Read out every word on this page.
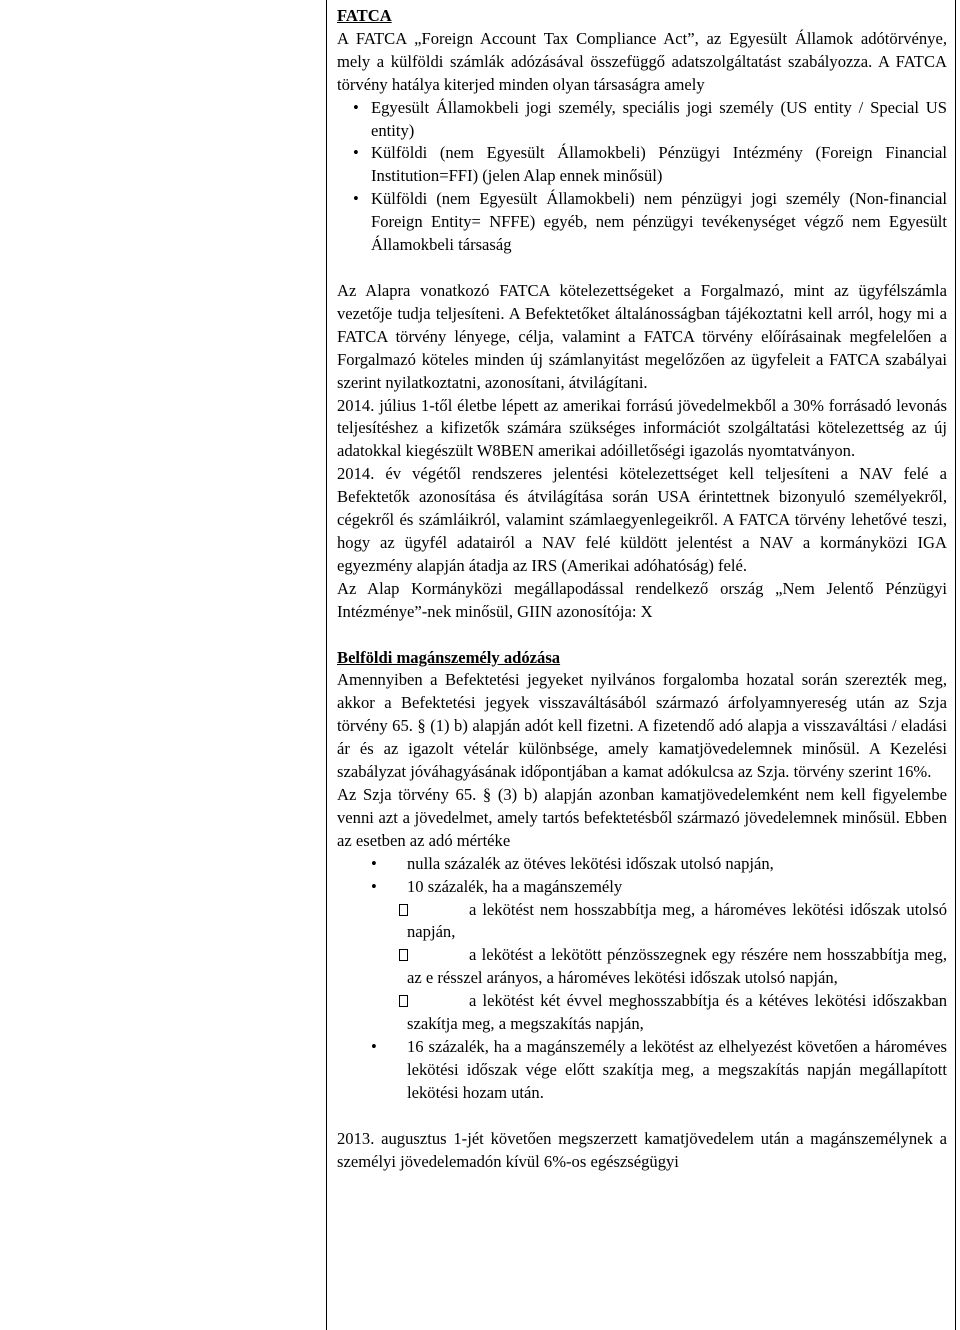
FATCA

A FATCA „Foreign Account Tax Compliance Act”, az Egyesült Államok adótörvénye, mely a külföldi számlák adózásával összefüggő adatszolgáltatást szabályozza. A FATCA törvény hatálya kiterjed minden olyan társaságra amely

• Egyesült Államokbeli jogi személy, speciális jogi személy (US entity / Special US entity)
• Külföldi (nem Egyesült Államokbeli) Pénzügyi Intézmény (Foreign Financial Institution=FFI) (jelen Alap ennek minősül)
• Külföldi (nem Egyesült Államokbeli) nem pénzügyi jogi személy (Non-financial Foreign Entity= NFFE) egyéb, nem pénzügyi tevékenységet végző nem Egyesült Államokbeli társaság

Az Alapra vonatkozó FATCA kötelezettségeket a Forgalmazó, mint az ügyfélszámla vezetője tudja teljesíteni. A Befektetőket általánosságban tájékoztatni kell arról, hogy mi a FATCA törvény lényege, célja, valamint a FATCA törvény előírásainak megfelelően a Forgalmazó köteles minden új számlanyitást megelőzően az ügyfeleit a FATCA szabályai szerint nyilatkoztatni, azonosítani, átvilágítani.

2014. július 1-től életbe lépett az amerikai forrású jövedelmekből a 30% forrásadó levonás teljesítéshez a kifizetők számára szükséges információt szolgáltatási kötelezettség az új adatokkal kiegészült W8BEN amerikai adóilletőségi igazolás nyomtatványon.

2014. év végétől rendszeres jelentési kötelezettséget kell teljesíteni a NAV felé a Befektetők azonosítása és átvilágítása során USA érintettnek bizonyuló személyekről, cégekről és számláikról, valamint számlaegyenlegeikről. A FATCA törvény lehetővé teszi, hogy az ügyfél adatairól a NAV felé küldött jelentést a NAV a kormányközi IGA egyezmény alapján átadja az IRS (Amerikai adóhatóság) felé.

Az Alap Kormányközi megállapodással rendelkező ország „Nem Jelentő Pénzügyi Intézménye”-nek minősül, GIIN azonosítója: X

Belföldi magánszemély adózása

Amennyiben a Befektetési jegyeket nyilvános forgalomba hozatal során szerezték meg, akkor a Befektetési jegyek visszaváltásából származó árfolyamnyereség után az Szja törvény 65. § (1) b) alapján adót kell fizetni. A fizetendő adó alapja a visszaváltási / eladási ár és az igazolt vételár különbsége, amely kamatjövedelemnek minősül. A Kezelési szabályzat jóváhagyásának időpontjában a kamat adókulcsa az Szja. törvény szerint 16%.

Az Szja törvény 65. § (3) b) alapján azonban kamatjövedelemként nem kell figyelembe venni azt a jövedelmet, amely tartós befektetésből származó jövedelemnek minősül. Ebben az esetben az adó mértéke

• nulla százalék az ötéves lekötési időszak utolsó napján,
• 10 százalék, ha a magánszemély
a lekötést nem hosszabbítja meg, a hároméves lekötési időszak utolsó napján,
a lekötést a lekötött pénzösszegnek egy részére nem hosszabbítja meg, az e résszel arányos, a hároméves lekötési időszak utolsó napján,
a lekötést két évvel meghosszabbítja és a kétéves lekötési időszakban szakítja meg, a megszakítás napján,
• 16 százalék, ha a magánszemély a lekötést az elhelyezést követően a hároméves lekötési időszak vége előtt szakítja meg, a megszakítás napján megállapított lekötési hozam után.

2013. augusztus 1-jét követően megszerzett kamatjövedelem után a magánszemélynek a személyi jövedelemadón kívül 6%-os egészségügyi
